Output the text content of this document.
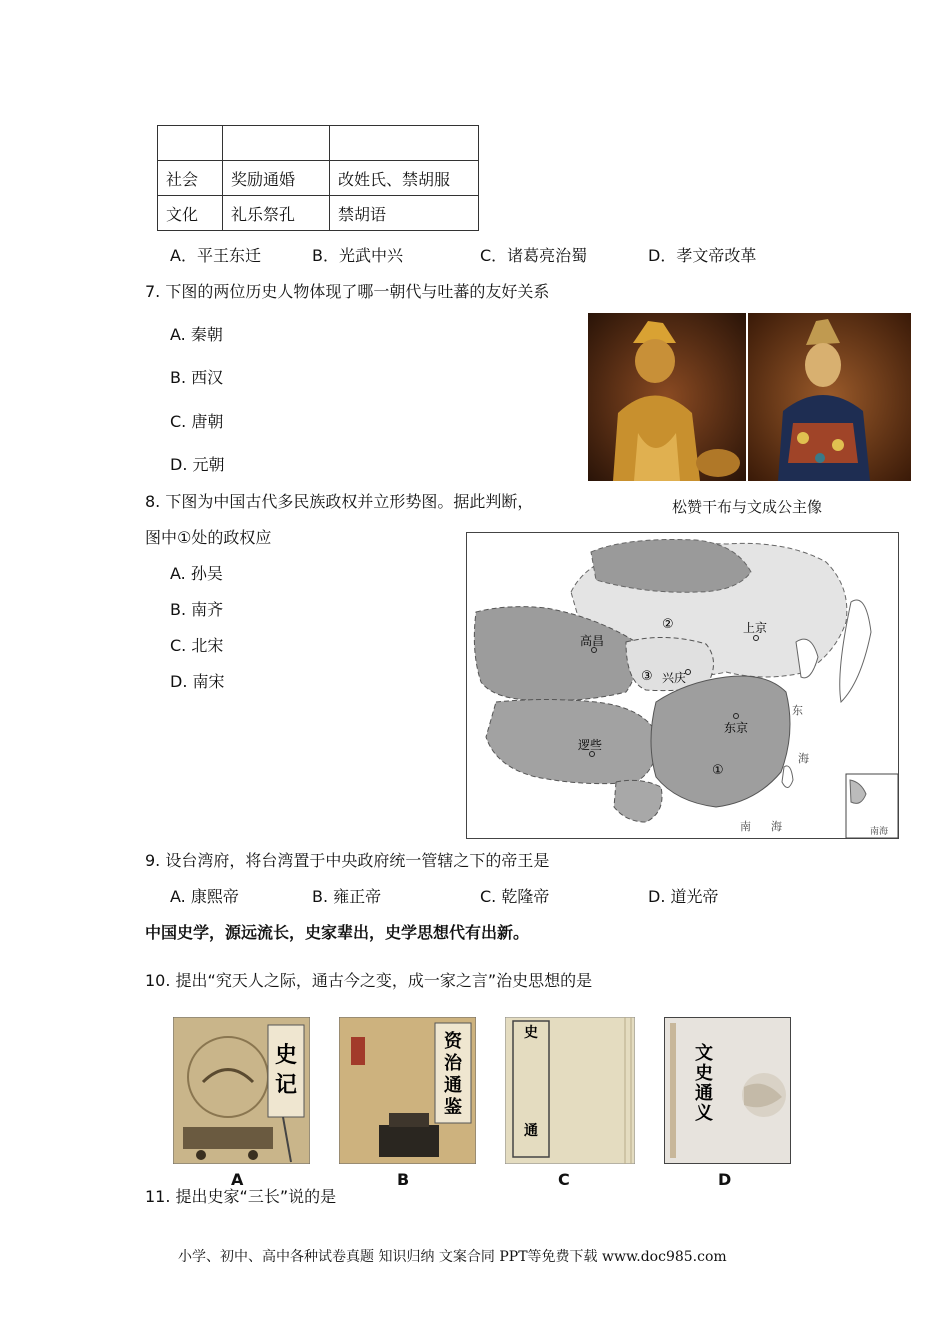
社会	奖励通婚	改姓氏、禁胡服
文化	礼乐祭孔	禁胡语
A．平王东迁	B．光武中兴	C．诸葛亮治蜀	D．孝文帝改革
7. 下图的两位历史人物体现了哪一朝代与吐蕃的友好关系
A. 秦朝
B. 西汉
C. 唐朝
D. 元朝
松赞干布与文成公主像
8. 下图为中国古代多民族政权并立形势图。据此判断，
图中①处的政权应
A. 孙吴
B. 南齐
C. 北宋
D. 南宋
高昌
上京
②
③ 兴庆
东京
逻些
①
东
海
南 海	南海
9. 设台湾府，将台湾置于中央政府统一管辖之下的帝王是
A. 康熙帝	B. 雍正帝	C. 乾隆帝	D. 道光帝
中国史学，源远流长，史家辈出，史学思想代有出新。
10. 提出“究天人之际，通古今之变，成一家之言”治史思想的是
史
记
A
资
治
通
鉴
B
史
通
C
文
史
通
义
D
11. 提出史家“三长”说的是
小学、初中、高中各种试卷真题 知识归纳 文案合同 PPT等免费下载 www.doc985.com
